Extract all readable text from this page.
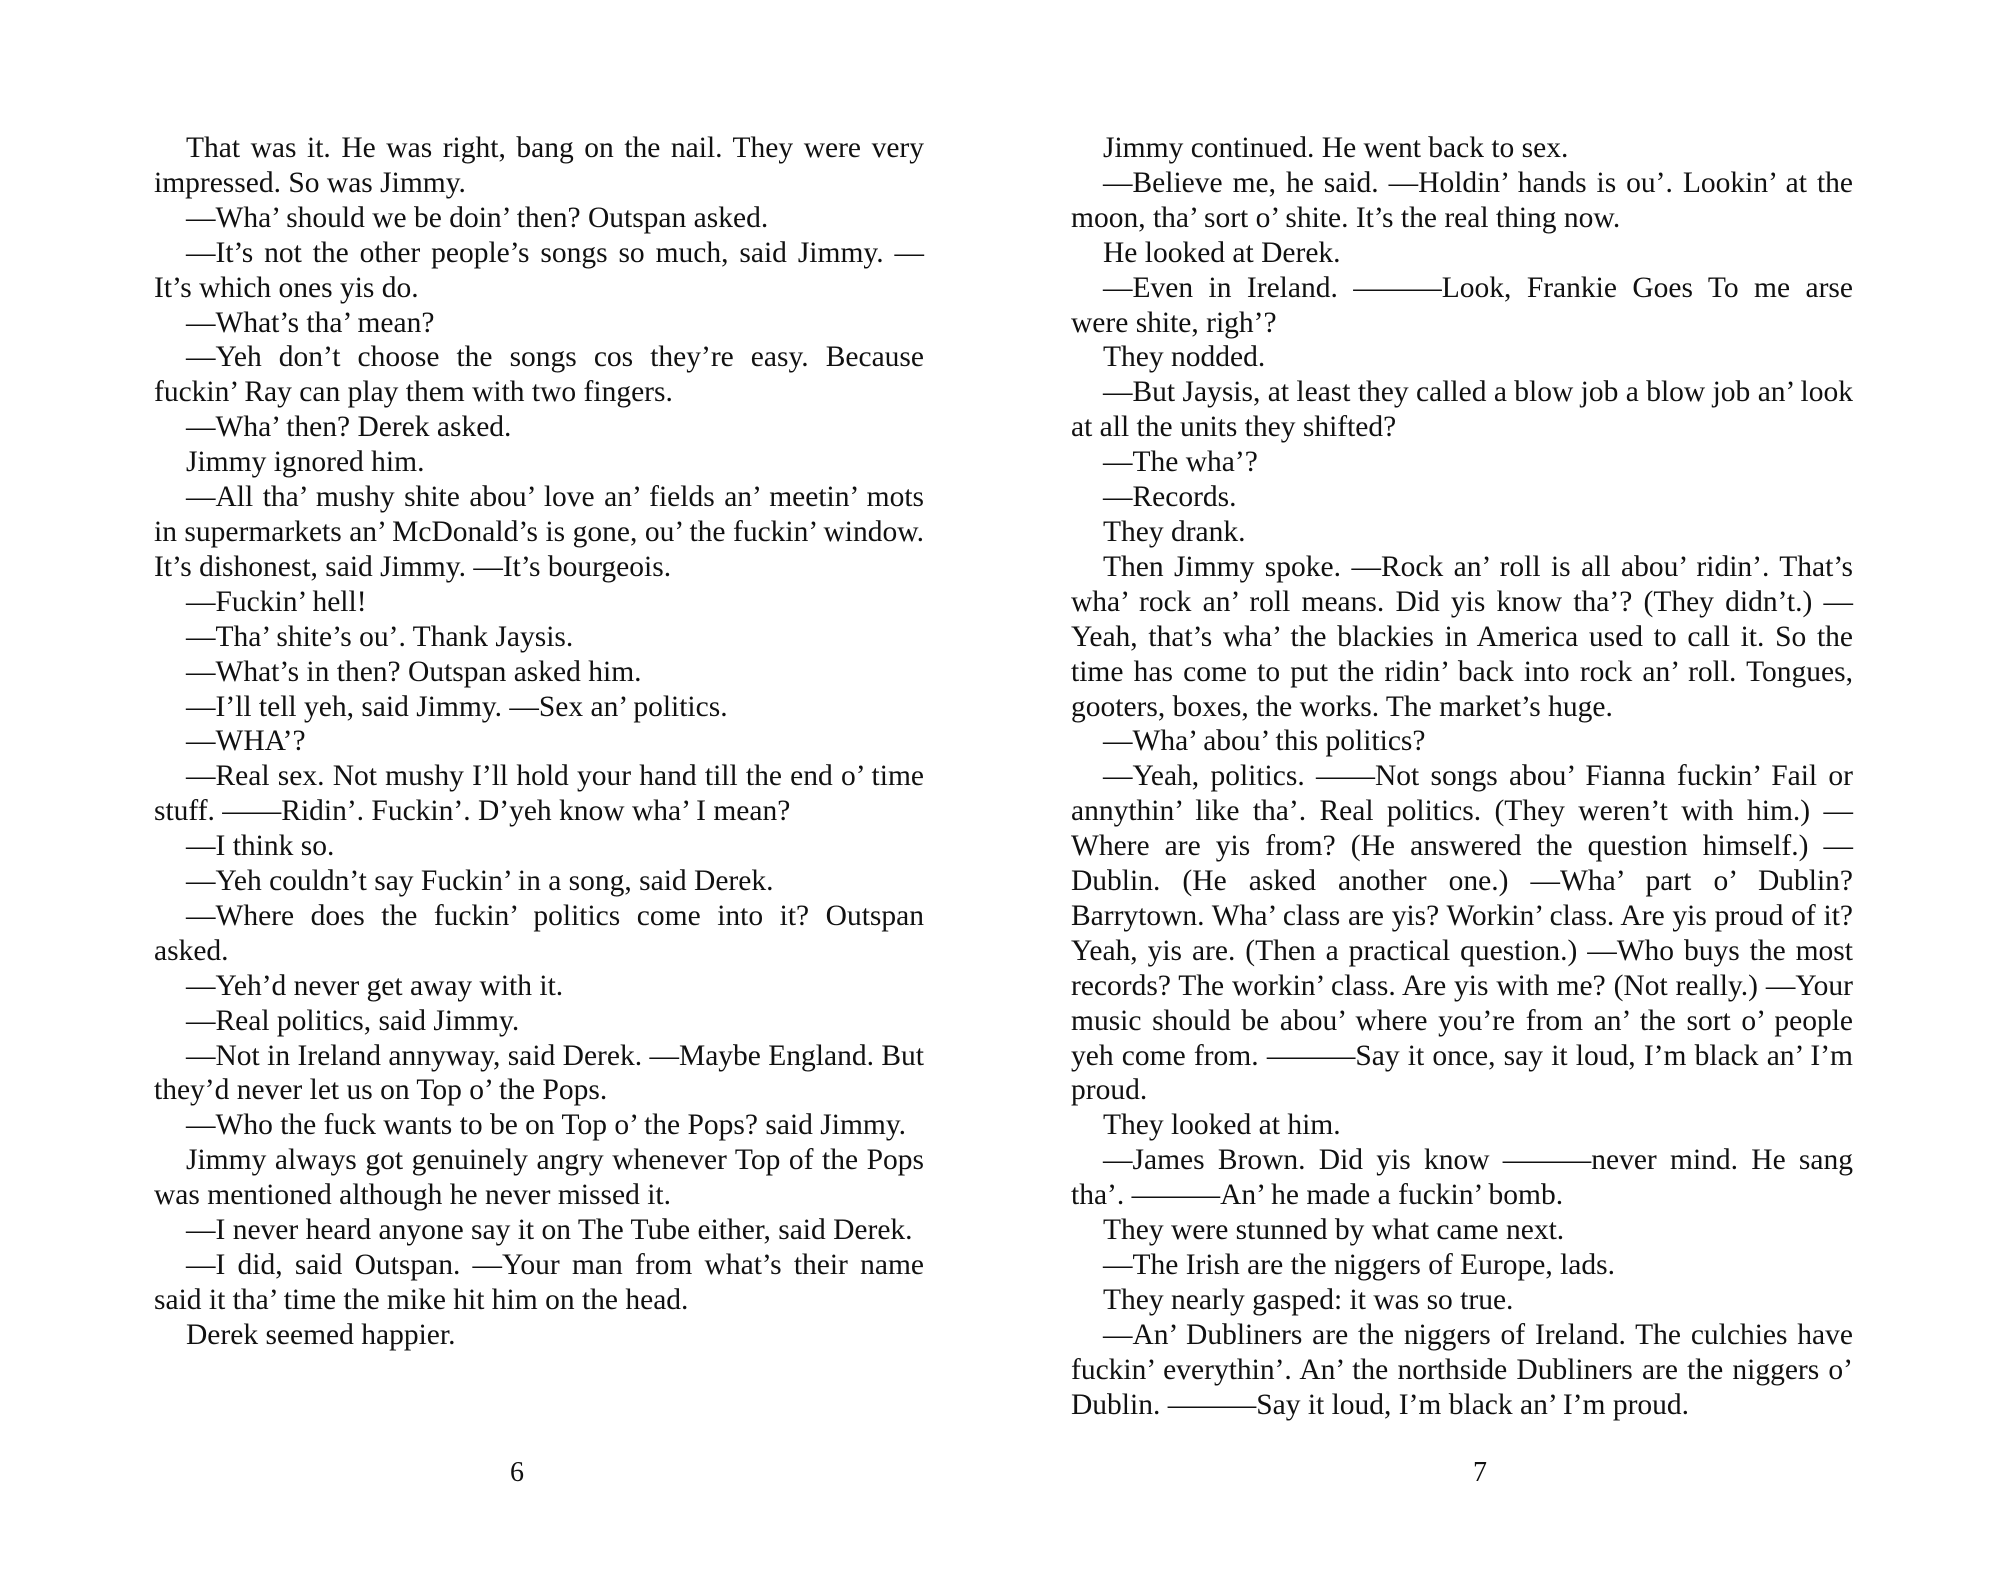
That was it. He was right, bang on the nail. They were very impressed. So was Jimmy.

—Wha’ should we be doin’ then? Outspan asked.

—It’s not the other people’s songs so much, said Jimmy. —It’s which ones yis do.

—What’s tha’ mean?

—Yeh don’t choose the songs cos they’re easy. Because fuckin’ Ray can play them with two fingers.

—Wha’ then? Derek asked.

Jimmy ignored him.

—All tha’ mushy shite abou’ love an’ fields an’ meetin’ mots in supermarkets an’ McDonald’s is gone, ou’ the fuckin’ window. It’s dishonest, said Jimmy. —It’s bourgeois.

—Fuckin’ hell!

—Tha’ shite’s ou’. Thank Jaysis.

—What’s in then? Outspan asked him.

—I’ll tell yeh, said Jimmy. —Sex an’ politics.

—WHA’?

—Real sex. Not mushy I’ll hold your hand till the end o’ time stuff. ——Ridin’. Fuckin’. D’yeh know wha’ I mean?

—I think so.

—Yeh couldn’t say Fuckin’ in a song, said Derek.

—Where does the fuckin’ politics come into it? Outspan asked.

—Yeh’d never get away with it.

—Real politics, said Jimmy.

—Not in Ireland annyway, said Derek. —Maybe England. But they’d never let us on Top o’ the Pops.

—Who the fuck wants to be on Top o’ the Pops? said Jimmy.

Jimmy always got genuinely angry whenever Top of the Pops was mentioned although he never missed it.

—I never heard anyone say it on The Tube either, said Derek.

—I did, said Outspan. —Your man from what’s their name said it tha’ time the mike hit him on the head.

Derek seemed happier.

6

Jimmy continued. He went back to sex.

—Believe me, he said. —Holdin’ hands is ou’. Lookin’ at the moon, tha’ sort o’ shite. It’s the real thing now.

He looked at Derek.

—Even in Ireland. ———Look, Frankie Goes To me arse were shite, righ’?

They nodded.

—But Jaysis, at least they called a blow job a blow job an’ look at all the units they shifted?

—The wha’?

—Records.

They drank.

Then Jimmy spoke. —Rock an’ roll is all abou’ ridin’. That’s wha’ rock an’ roll means. Did yis know tha’? (They didn’t.) —Yeah, that’s wha’ the blackies in America used to call it. So the time has come to put the ridin’ back into rock an’ roll. Tongues, gooters, boxes, the works. The market’s huge.

—Wha’ abou’ this politics?

—Yeah, politics. ——Not songs abou’ Fianna fuckin’ Fail or annythin’ like tha’. Real politics. (They weren’t with him.) —Where are yis from? (He answered the question himself.) —Dublin. (He asked another one.) —Wha’ part o’ Dublin? Barrytown. Wha’ class are yis? Workin’ class. Are yis proud of it? Yeah, yis are. (Then a practical question.) —Who buys the most records? The workin’ class. Are yis with me? (Not really.) —Your music should be abou’ where you’re from an’ the sort o’ people yeh come from. ———Say it once, say it loud, I’m black an’ I’m proud.

They looked at him.

—James Brown. Did yis know ———never mind. He sang tha’. ———An’ he made a fuckin’ bomb.

They were stunned by what came next.

—The Irish are the niggers of Europe, lads.

They nearly gasped: it was so true.

—An’ Dubliners are the niggers of Ireland. The culchies have fuckin’ everythin’. An’ the northside Dubliners are the niggers o’ Dublin. ———Say it loud, I’m black an’ I’m proud.

7
